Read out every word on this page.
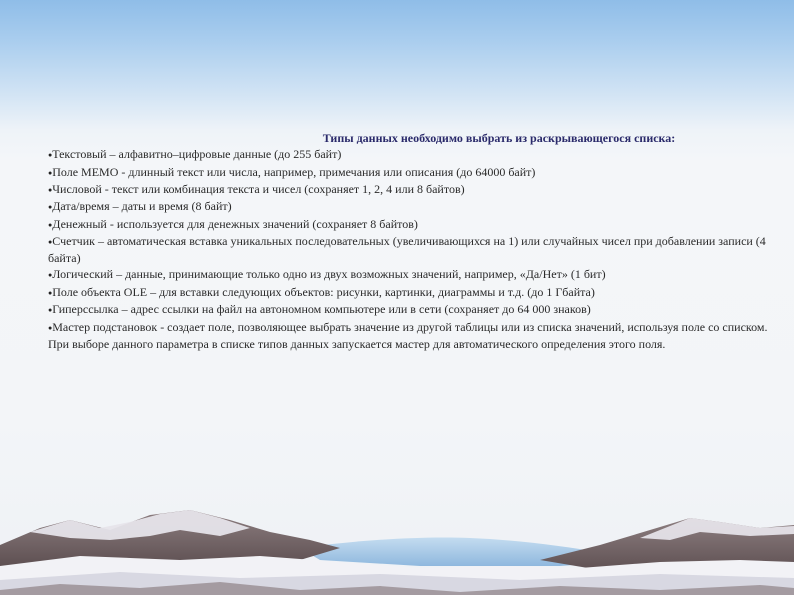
Типы данных необходимо выбрать из раскрывающегося списка:
●Текстовый – алфавитно–цифровые данные (до 255 байт)
●Поле MEMO - длинный текст или числа, например, примечания или описания (до 64000 байт)
●Числовой - текст или комбинация текста и чисел (сохраняет 1, 2, 4 или 8 байтов)
●Дата/время – даты и время (8 байт)
●Денежный - используется для денежных значений (сохраняет 8 байтов)
●Счетчик – автоматическая вставка уникальных последовательных (увеличивающихся на 1) или случайных чисел при добавлении записи (4 байта)
●Логический – данные, принимающие только одно из двух возможных значений, например, «Да/Нет» (1 бит)
●Поле объекта OLE – для вставки следующих объектов: рисунки, картинки, диаграммы и т.д. (до 1 Гбайта)
●Гиперссылка – адрес ссылки на файл на автономном компьютере или в сети (сохраняет до 64 000 знаков)
●Мастер подстановок - создает поле, позволяющее выбрать значение из другой таблицы или из списка значений, используя поле со списком. При выборе данного параметра в списке типов данных запускается мастер для автоматического определения этого поля.
